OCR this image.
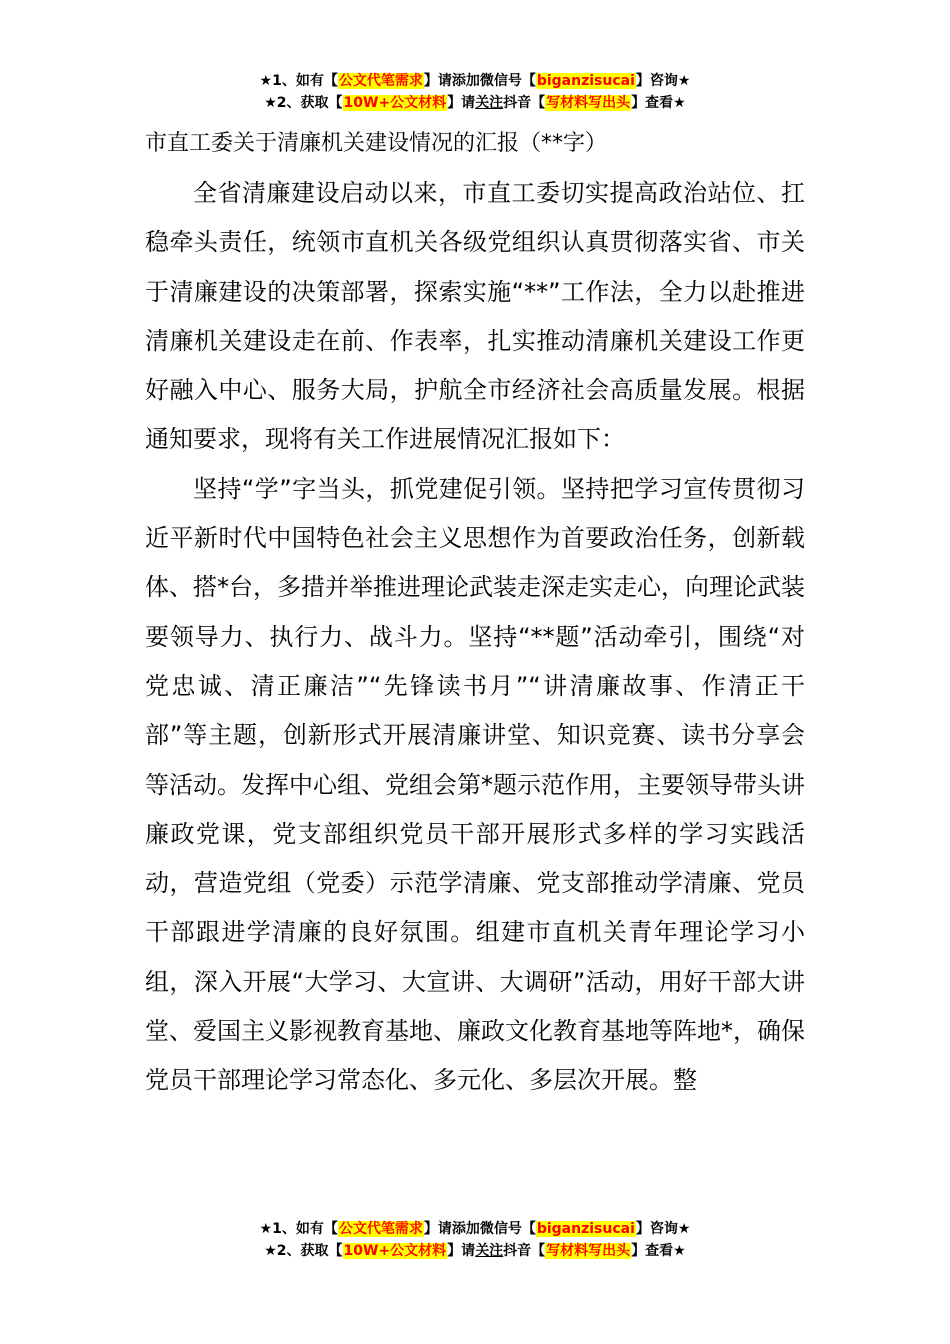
★1、如有【公文代笔需求】请添加微信号【biganzisucai】咨询★
★2、获取【10W+公文材料】请关注抖音【写材料写出头】查看★
市直工委关于清廉机关建设情况的汇报（**字）

全省清廉建设启动以来，市直工委切实提高政治站位、扛稳牵头责任，统领市直机关各级党组织认真贯彻落实省、市关于清廉建设的决策部署，探索实施“**”工作法，全力以赴推进清廉机关建设走在前、作表率，扎实推动清廉机关建设工作更好融入中心、服务大局，护航全市经济社会高质量发展。根据通知要求，现将有关工作进展情况汇报如下：

坚持“学”字当头，抓党建促引领。坚持把学习宣传贯彻习近平新时代中国特色社会主义思想作为首要政治任务，创新载体、搭*台，多措并举推进理论武装走深走实走心，向理论武装要领导力、执行力、战斗力。坚持“**题”活动牵引，围绕“对党忠诚、清正廉洁”“先锋读书月”“讲清廉故事、作清正干部”等主题，创新形式开展清廉讲堂、知识竞赛、读书分享会等活动。发挥中心组、党组会第*题示范作用，主要领导带头讲廉政党课，党支部组织党员干部开展形式多样的学习实践活动，营造党组（党委）示范学清廉、党支部推动学清廉、党员干部跟进学清廉的良好氛围。组建市直机关青年理论学习小组，深入开展“大学习、大宣讲、大调研”活动，用好干部大讲堂、爱国主义影视教育基地、廉政文化教育基地等阵地*，确保党员干部理论学习常态化、多元化、多层次开展。整

★1、如有【公文代笔需求】请添加微信号【biganzisucai】咨询★
★2、获取【10W+公文材料】请关注抖音【写材料写出头】查看★
